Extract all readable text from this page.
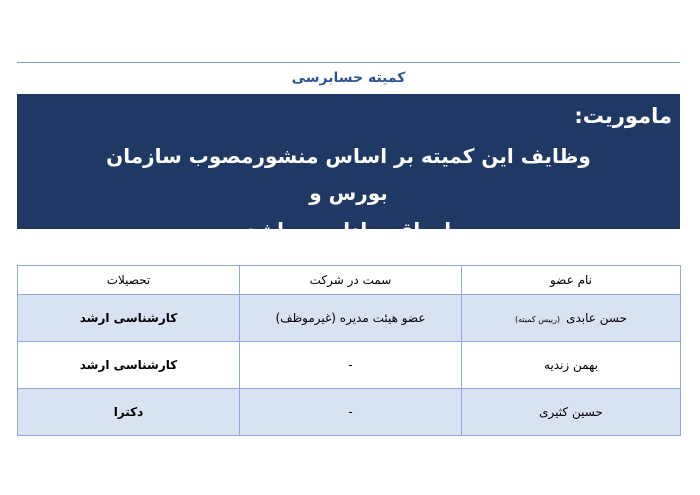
کمیته حسابرسی
ماموریت:
وظایف این کمیته بر اساس منشورمصوب سازمان بورس و
اوراق بهادار می‌باشد
نام عضو	سمت در شرکت	تحصیلات
حسن عابدی(رییس کمیته)	عضو هیئت مدیره (غیرموظف)	کارشناسی ارشد
بهمن زندیه	-	کارشناسی ارشد
حسین کثیری	-	دکترا
